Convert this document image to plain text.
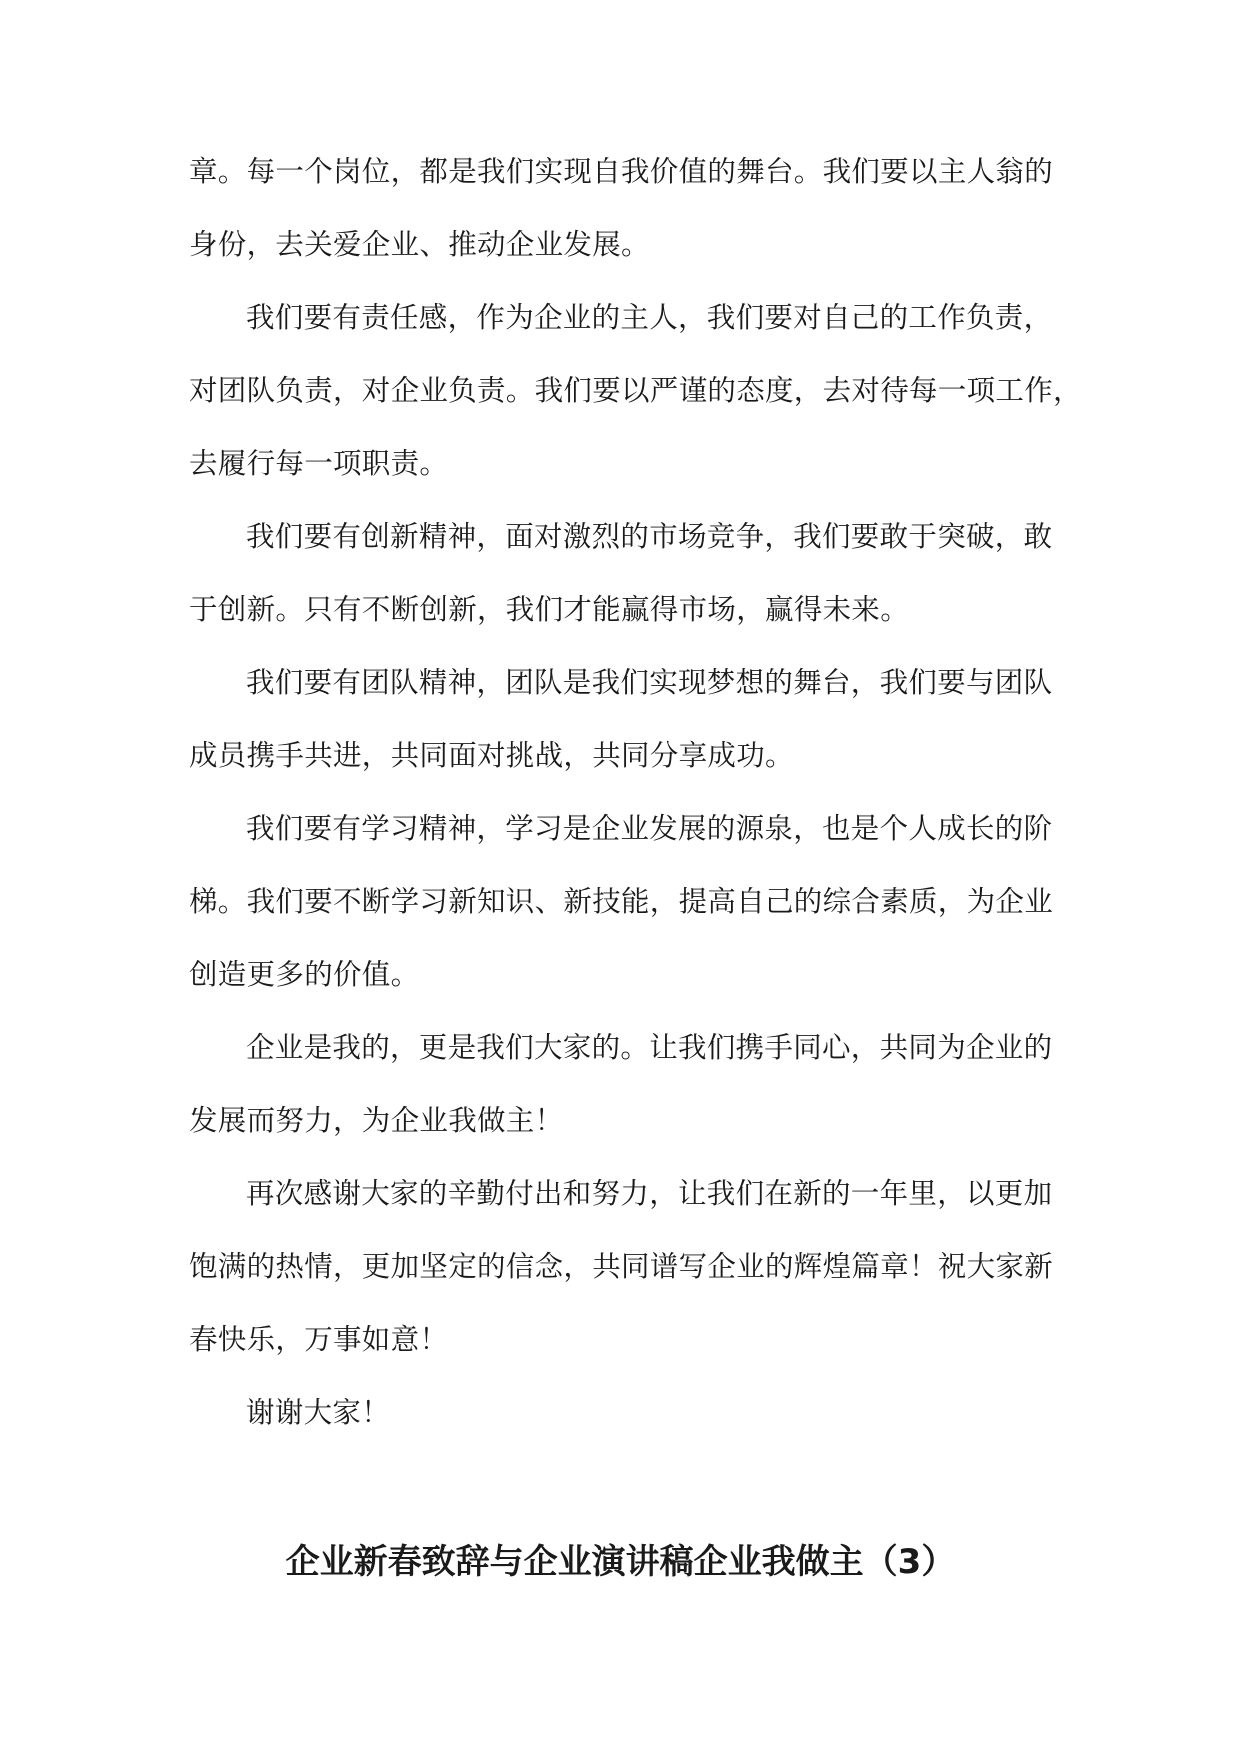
章。每一个岗位，都是我们实现自我价值的舞台。我们要以主人翁的
身份，去关爱企业、推动企业发展。
我们要有责任感，作为企业的主人，我们要对自己的工作负责，
对团队负责，对企业负责。我们要以严谨的态度，去对待每一项工作，
去履行每一项职责。
我们要有创新精神，面对激烈的市场竞争，我们要敢于突破，敢
于创新。只有不断创新，我们才能赢得市场，赢得未来。
我们要有团队精神，团队是我们实现梦想的舞台，我们要与团队
成员携手共进，共同面对挑战，共同分享成功。
我们要有学习精神，学习是企业发展的源泉，也是个人成长的阶
梯。我们要不断学习新知识、新技能，提高自己的综合素质，为企业
创造更多的价值。
企业是我的，更是我们大家的。让我们携手同心，共同为企业的
发展而努力，为企业我做主！
再次感谢大家的辛勤付出和努力，让我们在新的一年里，以更加
饱满的热情，更加坚定的信念，共同谱写企业的辉煌篇章！祝大家新
春快乐，万事如意！
谢谢大家！
企业新春致辞与企业演讲稿企业我做主（3）
